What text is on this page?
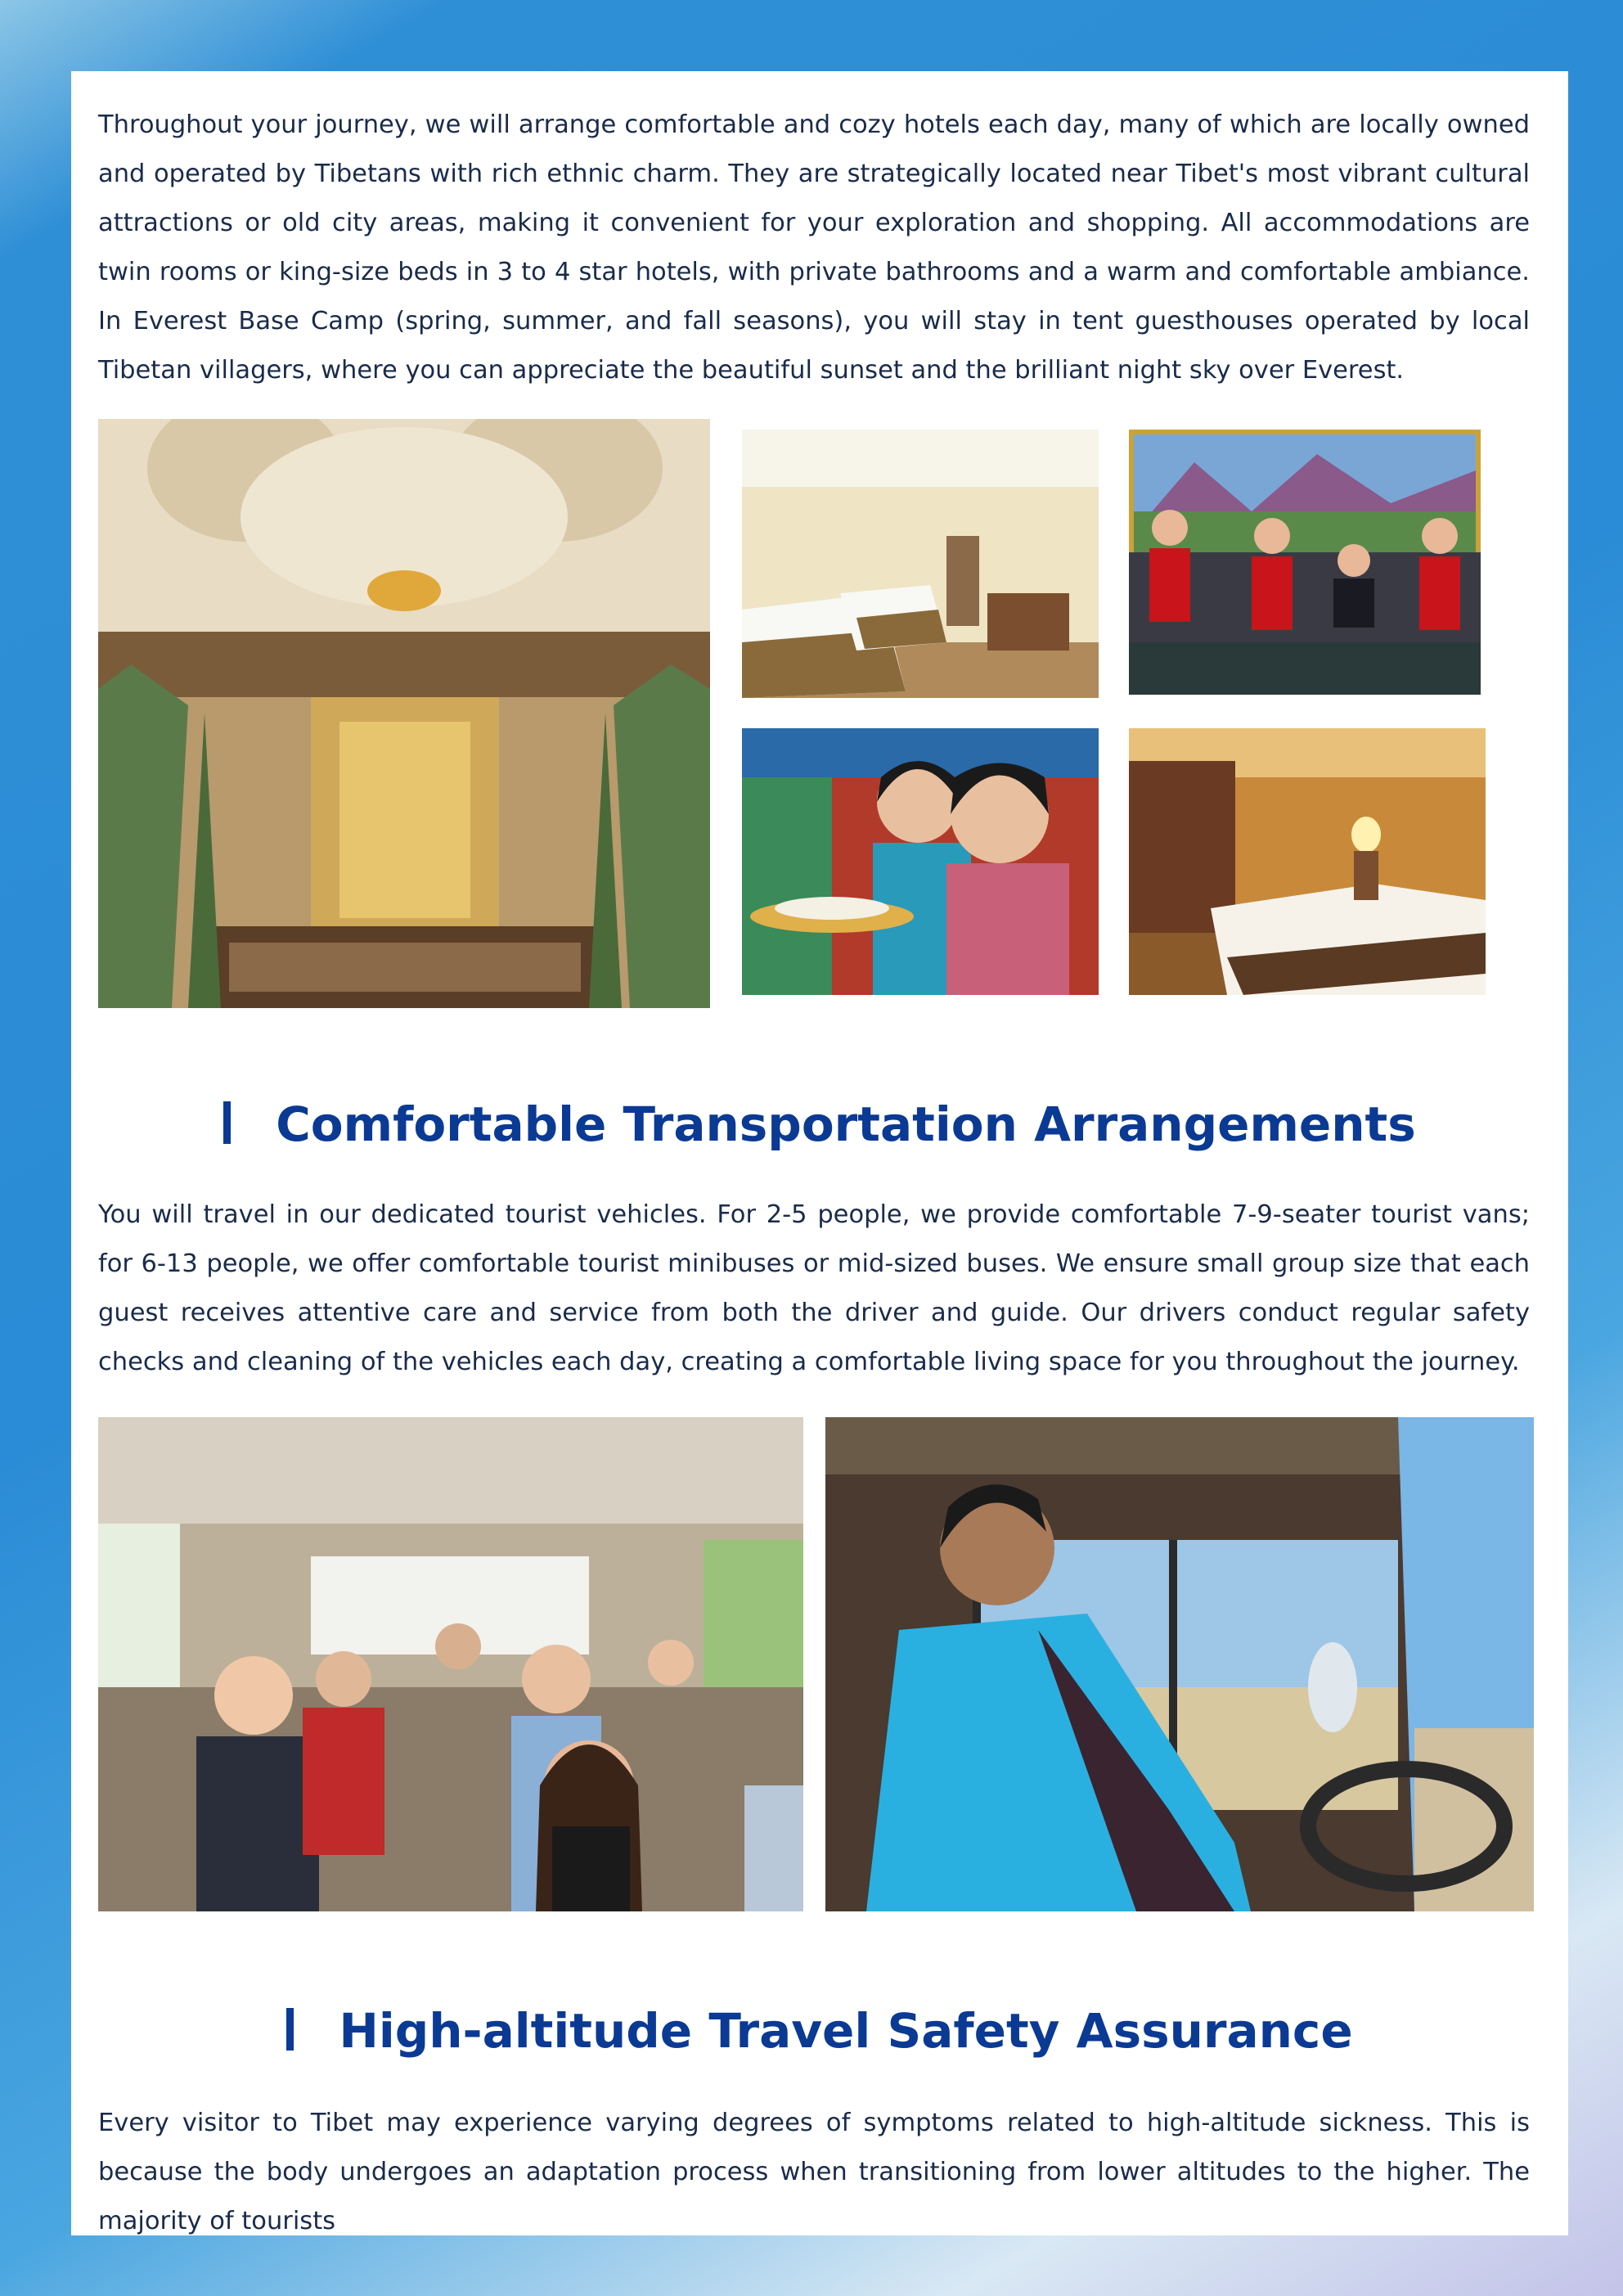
Throughout your journey, we will arrange comfortable and cozy hotels each day, many of which are locally owned and operated by Tibetans with rich ethnic charm. They are strategically located near Tibet's most vibrant cultural attractions or old city areas, making it convenient for your exploration and shopping. All accommodations are twin rooms or king-size beds in 3 to 4 star hotels, with private bathrooms and a warm and comfortable ambiance. In Everest Base Camp (spring, summer, and fall seasons), you will stay in tent guesthouses operated by local Tibetan villagers, where you can appreciate the beautiful sunset and the brilliant night sky over Everest.

Comfortable Transportation Arrangements

You will travel in our dedicated tourist vehicles. For 2-5 people, we provide comfortable 7-9-seater tourist vans; for 6-13 people, we offer comfortable tourist minibuses or mid-sized buses. We ensure small group size that each guest receives attentive care and service from both the driver and guide. Our drivers conduct regular safety checks and cleaning of the vehicles each day, creating a comfortable living space for you throughout the journey.

High-altitude Travel Safety Assurance

Every visitor to Tibet may experience varying degrees of symptoms related to high-altitude sickness. This is because the body undergoes an adaptation process when transitioning from lower altitudes to the higher. The majority of tourists
